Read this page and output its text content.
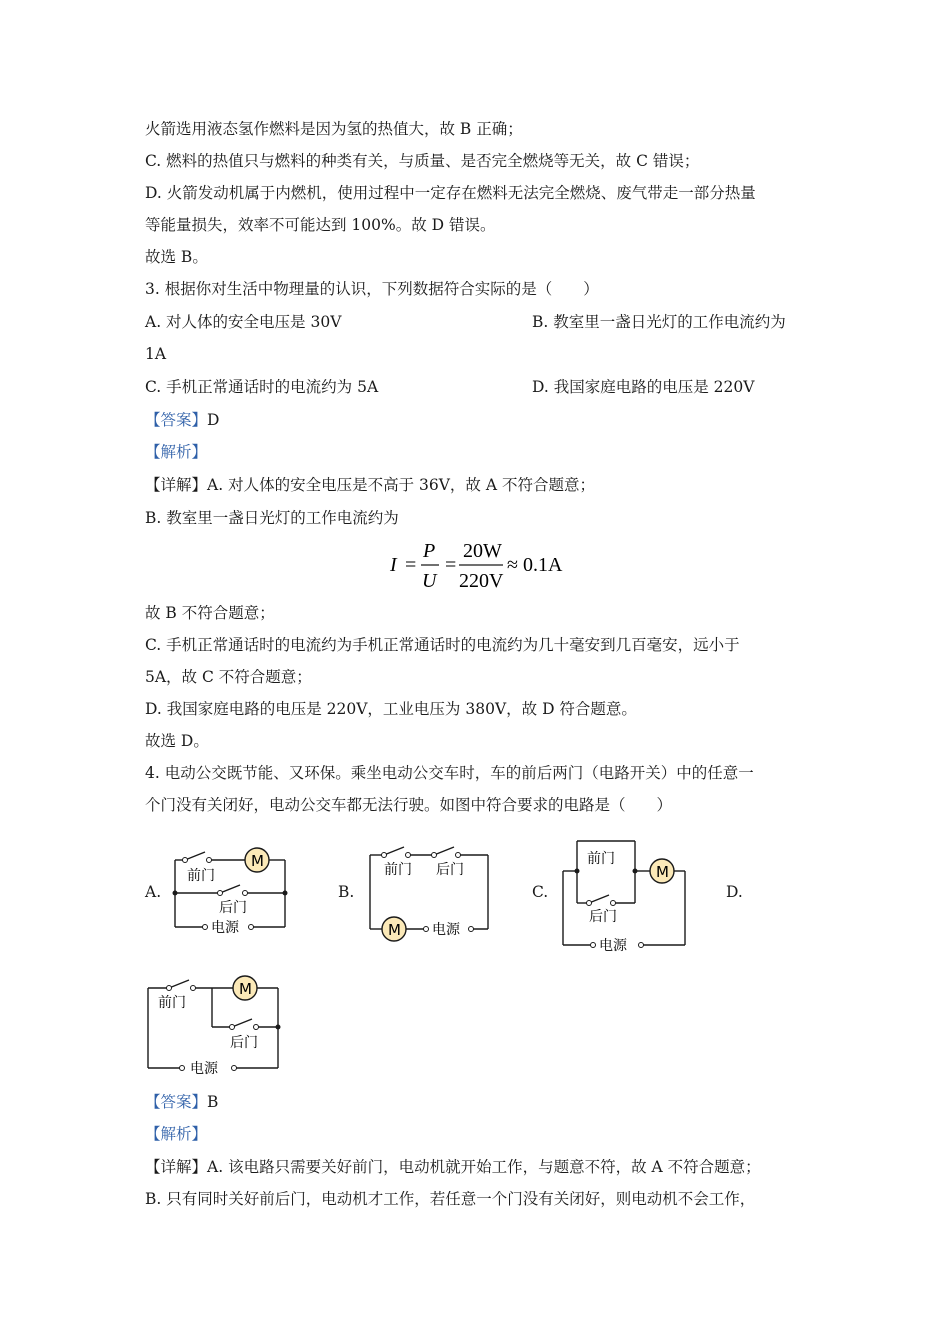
火箭选用液态氢作燃料是因为氢的热值大，故 B 正确；
C. 燃料的热值只与燃料的种类有关，与质量、是否完全燃烧等无关，故 C 错误；
D. 火箭发动机属于内燃机，使用过程中一定存在燃料无法完全燃烧、废气带走一部分热量
等能量损失，效率不可能达到 100%。故 D 错误。
故选 B。
3. 根据你对生活中物理量的认识，下列数据符合实际的是（　　）
A. 对人体的安全电压是 30V	B. 教室里一盏日光灯的工作电流约为
1A
C. 手机正常通话时的电流约为 5A	D. 我国家庭电路的电压是 220V
【答案】D
【解析】
【详解】A. 对人体的安全电压是不高于 36V，故 A 不符合题意；
B. 教室里一盏日光灯的工作电流约为
I =
P
U
=
20W
220V
≈ 0.1A
故 B 不符合题意；
C. 手机正常通话时的电流约为手机正常通话时的电流约为几十毫安到几百毫安，远小于
5A，故 C 不符合题意；
D. 我国家庭电路的电压是 220V，工业电压为 380V，故 D 符合题意。
故选 D。
4. 电动公交既节能、又环保。乘坐电动公交车时，车的前后两门（电路开关）中的任意一
个门没有关闭好，电动公交车都无法行驶。如图中符合要求的电路是（　　）
A.	B.	C.	D.
M
前门
后门
电源
前门 后门
M 电源
前门
后门
M
电源
M
前门
后门
电源
【答案】B
【解析】
【详解】A. 该电路只需要关好前门，电动机就开始工作，与题意不符，故 A 不符合题意；
B. 只有同时关好前后门，电动机才工作，若任意一个门没有关闭好，则电动机不会工作，
